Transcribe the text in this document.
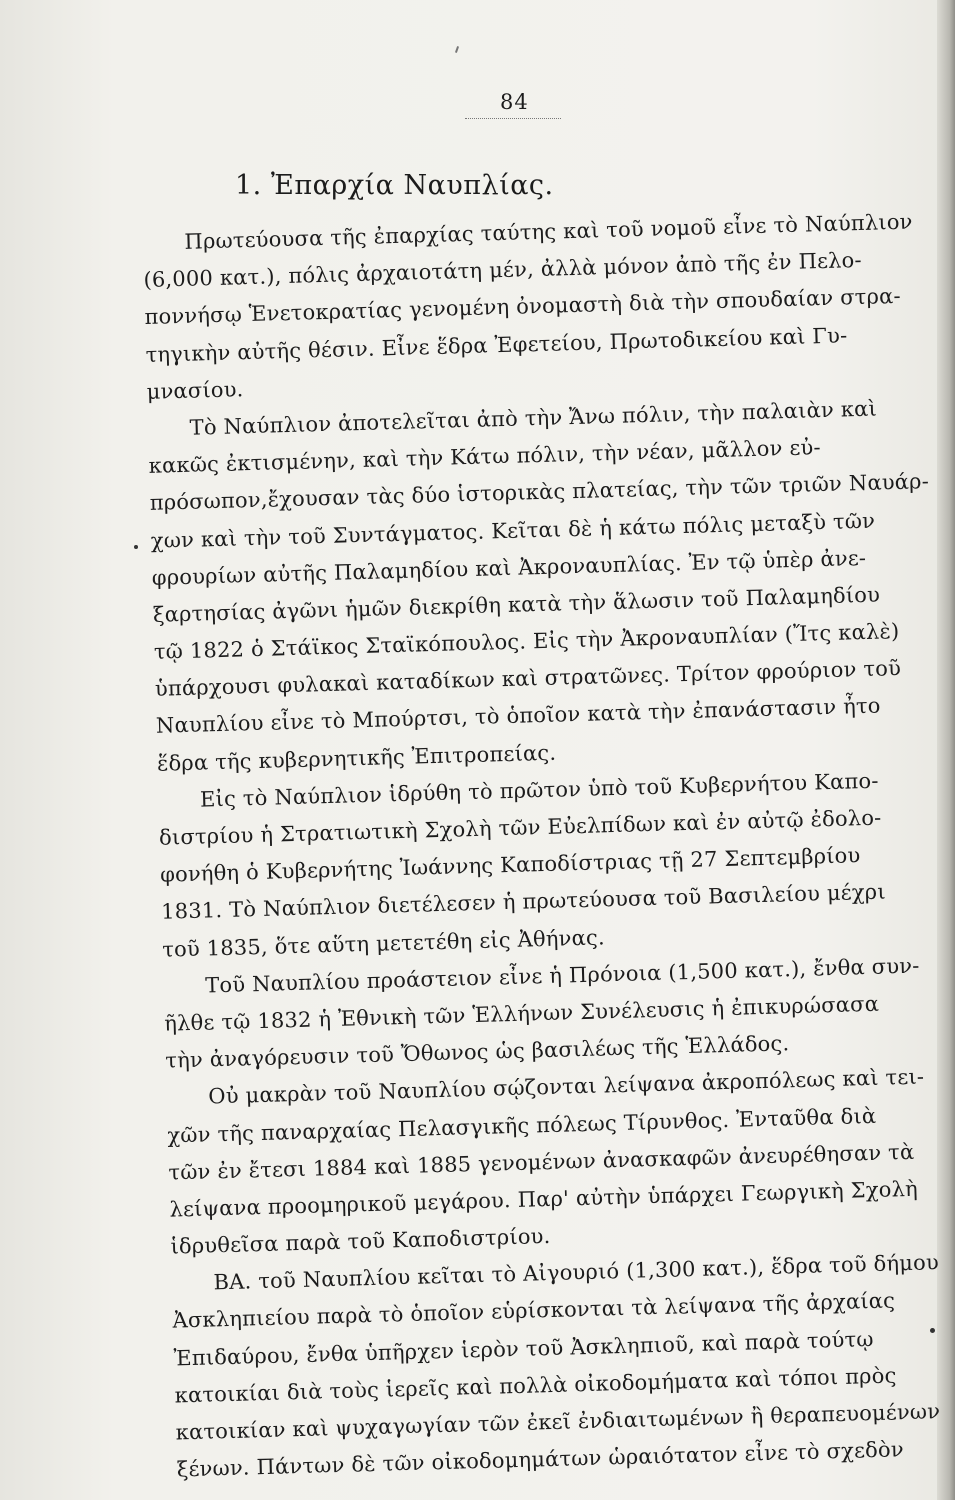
84
1. Ἐπαρχία Ναυπλίας.
Πρωτεύουσα τῆς ἐπαρχίας ταύτης καὶ τοῦ νομοῦ εἶνε τὸ Ναύπλιον
(6,000 κατ.), πόλις ἀρχαιοτάτη μέν, ἀλλὰ μόνον ἀπὸ τῆς ἐν Πελο-
ποννήσῳ Ἑνετοκρατίας γενομένη ὀνομαστὴ διὰ τὴν σπουδαίαν στρα-
τηγικὴν αὐτῆς θέσιν. Εἶνε ἕδρα Ἐφετείου, Πρωτοδικείου καὶ Γυ-
μνασίου.
Τὸ Ναύπλιον ἀποτελεῖται ἀπὸ τὴν Ἄνω πόλιν, τὴν παλαιὰν καὶ
κακῶς ἐκτισμένην, καὶ τὴν Κάτω πόλιν, τὴν νέαν, μᾶλλον εὐ-
πρόσωπον,ἔχουσαν τὰς δύο ἱστορικὰς πλατείας, τὴν τῶν τριῶν Ναυάρ-
χων καὶ τὴν τοῦ Συντάγματος. Κεῖται δὲ ἡ κάτω πόλις μεταξὺ τῶν
φρουρίων αὐτῆς Παλαμηδίου καὶ Ἀκροναυπλίας. Ἐν τῷ ὑπὲρ ἀνε-
ξαρτησίας ἀγῶνι ἡμῶν διεκρίθη κατὰ τὴν ἅλωσιν τοῦ Παλαμηδίου
τῷ 1822 ὁ Στάϊκος Σταϊκόπουλος. Εἰς τὴν Ἀκροναυπλίαν (Ἴτς καλὲ)
ὑπάρχουσι φυλακαὶ καταδίκων καὶ στρατῶνες. Τρίτον φρούριον τοῦ
Ναυπλίου εἶνε τὸ Μπούρτσι, τὸ ὁποῖον κατὰ τὴν ἐπανάστασιν ἦτο
ἕδρα τῆς κυβερνητικῆς Ἐπιτροπείας.
Εἰς τὸ Ναύπλιον ἱδρύθη τὸ πρῶτον ὑπὸ τοῦ Κυβερνήτου Καπο-
διστρίου ἡ Στρατιωτικὴ Σχολὴ τῶν Εὐελπίδων καὶ ἐν αὐτῷ ἐδολο-
φονήθη ὁ Κυβερνήτης Ἰωάννης Καποδίστριας τῇ 27 Σεπτεμβρίου
1831. Τὸ Ναύπλιον διετέλεσεν ἡ πρωτεύουσα τοῦ Βασιλείου μέχρι
τοῦ 1835, ὅτε αὕτη μετετέθη εἰς Ἀθήνας.
Τοῦ Ναυπλίου προάστειον εἶνε ἡ Πρόνοια (1,500 κατ.), ἔνθα συν-
ῆλθε τῷ 1832 ἡ Ἐθνικὴ τῶν Ἑλλήνων Συνέλευσις ἡ ἐπικυρώσασα
τὴν ἀναγόρευσιν τοῦ Ὄθωνος ὡς βασιλέως τῆς Ἑλλάδος.
Οὐ μακρὰν τοῦ Ναυπλίου σῴζονται λείψανα ἀκροπόλεως καὶ τει-
χῶν τῆς παναρχαίας Πελασγικῆς πόλεως Τίρυνθος. Ἐνταῦθα διὰ
τῶν ἐν ἔτεσι 1884 καὶ 1885 γενομένων ἀνασκαφῶν ἀνευρέθησαν τὰ
λείψανα προομηρικοῦ μεγάρου. Παρ' αὐτὴν ὑπάρχει Γεωργικὴ Σχολὴ
ἱδρυθεῖσα παρὰ τοῦ Καποδιστρίου.
ΒΑ. τοῦ Ναυπλίου κεῖται τὸ Αἰγουριό (1,300 κατ.), ἕδρα τοῦ δήμου
Ἀσκληπιείου παρὰ τὸ ὁποῖον εὑρίσκονται τὰ λείψανα τῆς ἀρχαίας
Ἐπιδαύρου, ἔνθα ὑπῆρχεν ἱερὸν τοῦ Ἀσκληπιοῦ, καὶ παρὰ τούτῳ
κατοικίαι διὰ τοὺς ἱερεῖς καὶ πολλὰ οἰκοδομήματα καὶ τόποι πρὸς
κατοικίαν καὶ ψυχαγωγίαν τῶν ἐκεῖ ἐνδιαιτωμένων ἢ θεραπευομένων
ξένων. Πάντων δὲ τῶν οἰκοδομημάτων ὡραιότατον εἶνε τὸ σχεδὸν
